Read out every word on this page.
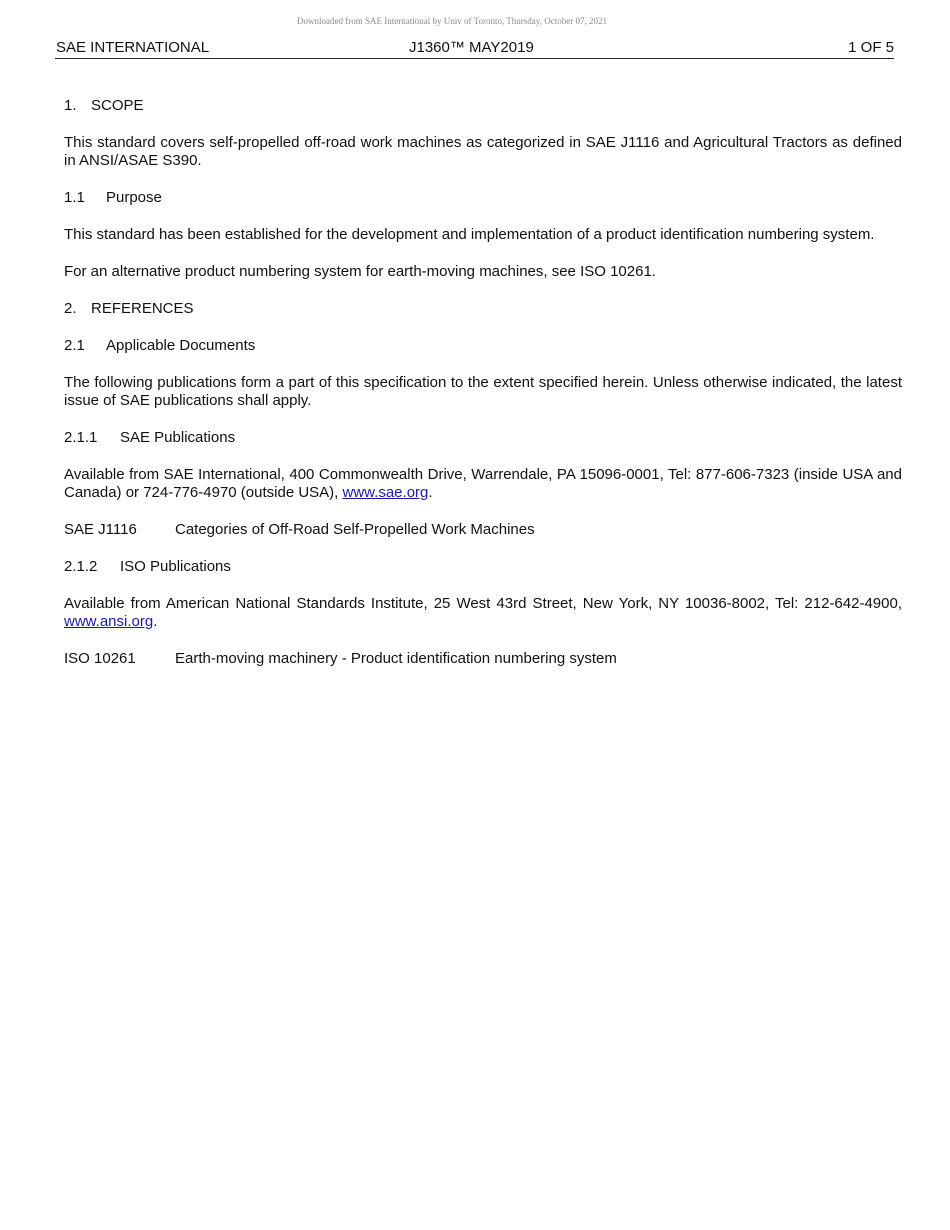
Downloaded from SAE International by Univ of Toronto, Thursday, October 07, 2021
SAE INTERNATIONAL	J1360™ MAY2019	1 OF 5
1. SCOPE
This standard covers self-propelled off-road work machines as categorized in SAE J1116 and Agricultural Tractors as defined in ANSI/ASAE S390.
1.1 Purpose
This standard has been established for the development and implementation of a product identification numbering system.
For an alternative product numbering system for earth-moving machines, see ISO 10261.
2. REFERENCES
2.1 Applicable Documents
The following publications form a part of this specification to the extent specified herein. Unless otherwise indicated, the latest issue of SAE publications shall apply.
2.1.1 SAE Publications
Available from SAE International, 400 Commonwealth Drive, Warrendale, PA 15096-0001, Tel: 877-606-7323 (inside USA and Canada) or 724-776-4970 (outside USA), www.sae.org.
SAE J1116	Categories of Off-Road Self-Propelled Work Machines
2.1.2 ISO Publications
Available from American National Standards Institute, 25 West 43rd Street, New York, NY 10036-8002, Tel: 212-642-4900, www.ansi.org.
ISO 10261	Earth-moving machinery - Product identification numbering system
